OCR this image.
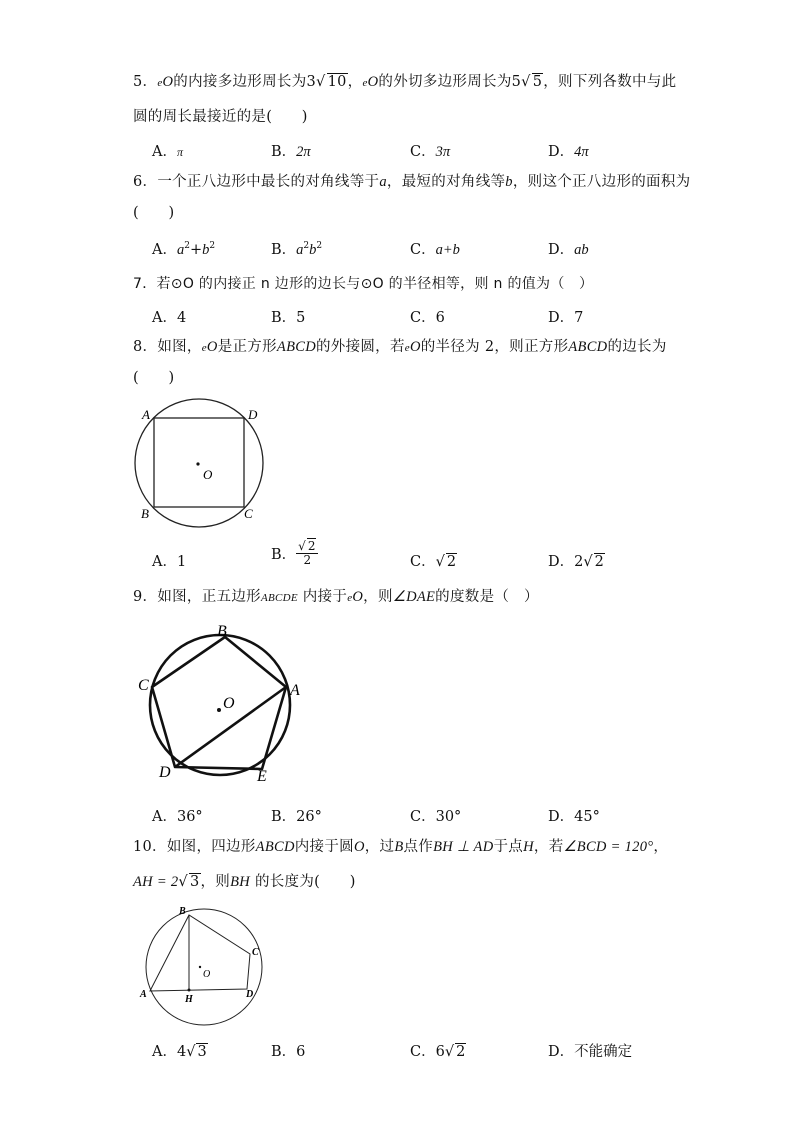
5．eO的内接多边形周长为3√ 10，eO的外切多边形周长为5√ 5，则下列各数中与此
圆的周长最接近的是(　　)
A．π	B．2π	C．3π	D．4π
6．一个正八边形中最长的对角线等于a，最短的对角线等b，则这个正八边形的面积为
(　　)
A．$a^2+b^2$	B．$a^2b^2$	C．a+b	D．ab
7．若⊙O 的内接正 n 边形的边长与⊙O 的半径相等，则 n 的值为（　）
A．4	B．5	C．6	D．7
8．如图，eO是正方形ABCD的外接圆，若eO的半径为 2，则正方形ABCD的边长为
(　　)
A	D
B	C
O
A．1	B． $\frac{√ 2}{2}$	C．√ 2	D．2√ 2
9．如图，正五边形ABCDE 内接于eO，则∠DAE的度数是（　）
A
B
C
D	E
O
A．36°	B．26°	C．30°	D．45°
10．如图，四边形ABCD内接于圆O，过B点作BH ⊥ AD于点H，若∠BCD = 120°，
AH = 2√ 3，则BH 的长度为(　　)
A
B
C
D
H
O
A．4√ 3	B．6	C．6√ 2	D．不能确定
